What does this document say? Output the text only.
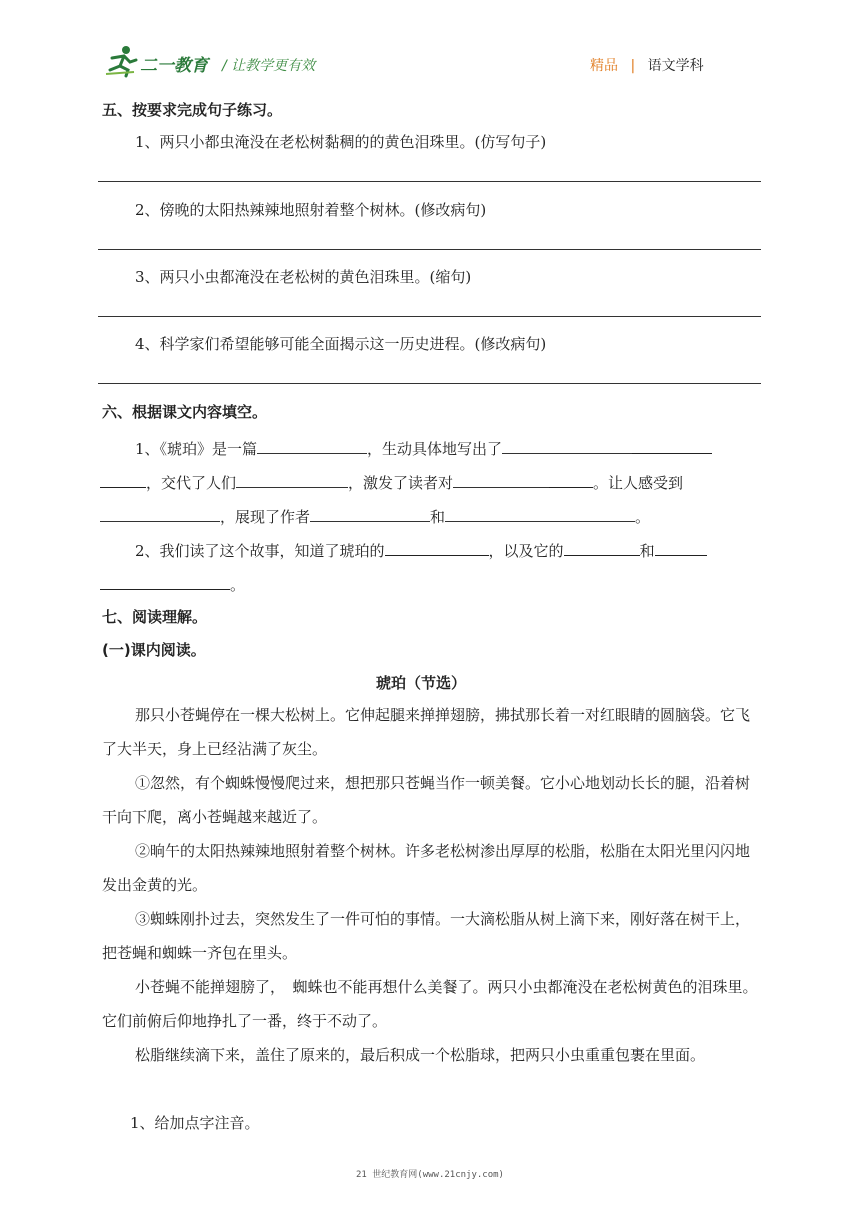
二一教育 / 让教学更有效	精品 | 语文学科
五、按要求完成句子练习。
1、两只小都虫淹没在老松树黏稠的的黄色泪珠里。(仿写句子)
2、傍晚的太阳热辣辣地照射着整个树林。(修改病句)
3、两只小虫都淹没在老松树的黄色泪珠里。(缩句)
4、科学家们希望能够可能全面揭示这一历史进程。(修改病句)
六、根据课文内容填空。
1、《琥珀》是一篇	，生动具体地写出了
，交代了人们	，激发了读者对	。让人感受到
，展现了作者	和	。
2、我们读了这个故事，知道了琥珀的	，以及它的	和
。
七、阅读理解。
(一)课内阅读。
琥珀（节选）
那只小苍蝇停在一棵大松树上。它伸起腿来掸掸翅膀，拂拭那长着一对红眼睛的圆脑袋。它飞了大半天，身上已经沾满了灰尘。
①忽然，有个蜘蛛慢慢爬过来，想把那只苍蝇当作一顿美餐。它小心地划动长长的腿，沿着树干向下爬，离小苍蝇越来越近了。
②晌午的太阳热辣辣地照射着整个树林。许多老松树渗出厚厚的松脂，松脂在太阳光里闪闪地发出金黄的光。
③蜘蛛刚扑过去，突然发生了一件可怕的事情。一大滴松脂从树上滴下来，刚好落在树干上，把苍蝇和蜘蛛一齐包在里头。
小苍蝇不能掸翅膀了，　蜘蛛也不能再想什么美餐了。两只小虫都淹没在老松树黄色的泪珠里。它们前俯后仰地挣扎了一番，终于不动了。
松脂继续滴下来，盖住了原来的，最后积成一个松脂球，把两只小虫重重包裹在里面。
1、给加点字注音。
21 世纪教育网(www.21cnjy.com)
